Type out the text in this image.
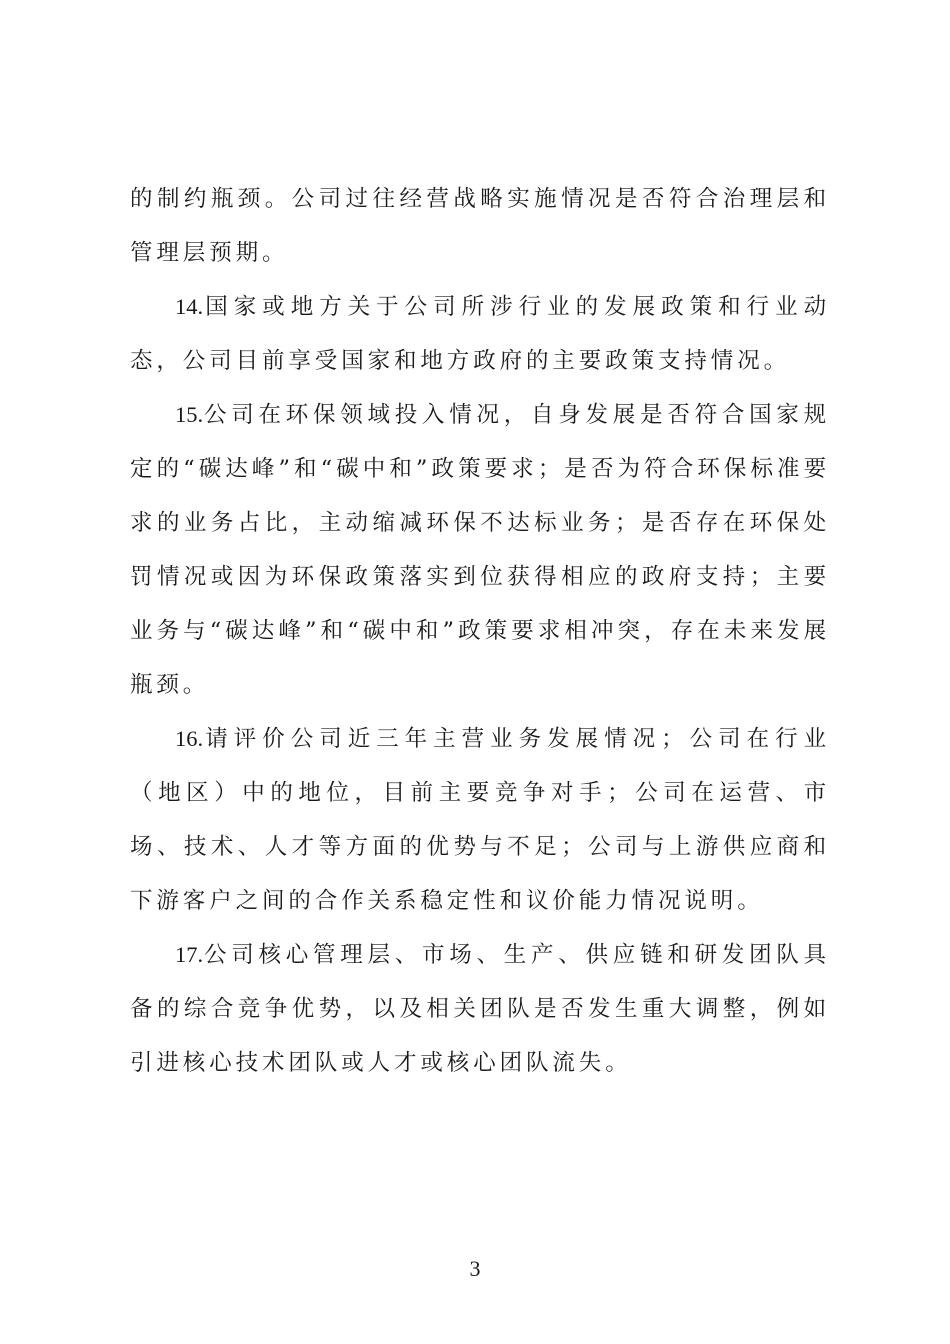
的制约瓶颈。公司过往经营战略实施情况是否符合治理层和管理层预期。

14.国家或地方关于公司所涉行业的发展政策和行业动态，公司目前享受国家和地方政府的主要政策支持情况。

15.公司在环保领域投入情况，自身发展是否符合国家规定的“碳达峰”和“碳中和”政策要求；是否为符合环保标准要求的业务占比，主动缩减环保不达标业务；是否存在环保处罚情况或因为环保政策落实到位获得相应的政府支持；主要业务与“碳达峰”和“碳中和”政策要求相冲突，存在未来发展瓶颈。

16.请评价公司近三年主营业务发展情况；公司在行业（地区）中的地位，目前主要竞争对手；公司在运营、市场、技术、人才等方面的优势与不足；公司与上游供应商和下游客户之间的合作关系稳定性和议价能力情况说明。

17.公司核心管理层、市场、生产、供应链和研发团队具备的综合竞争优势，以及相关团队是否发生重大调整，例如引进核心技术团队或人才或核心团队流失。

3
